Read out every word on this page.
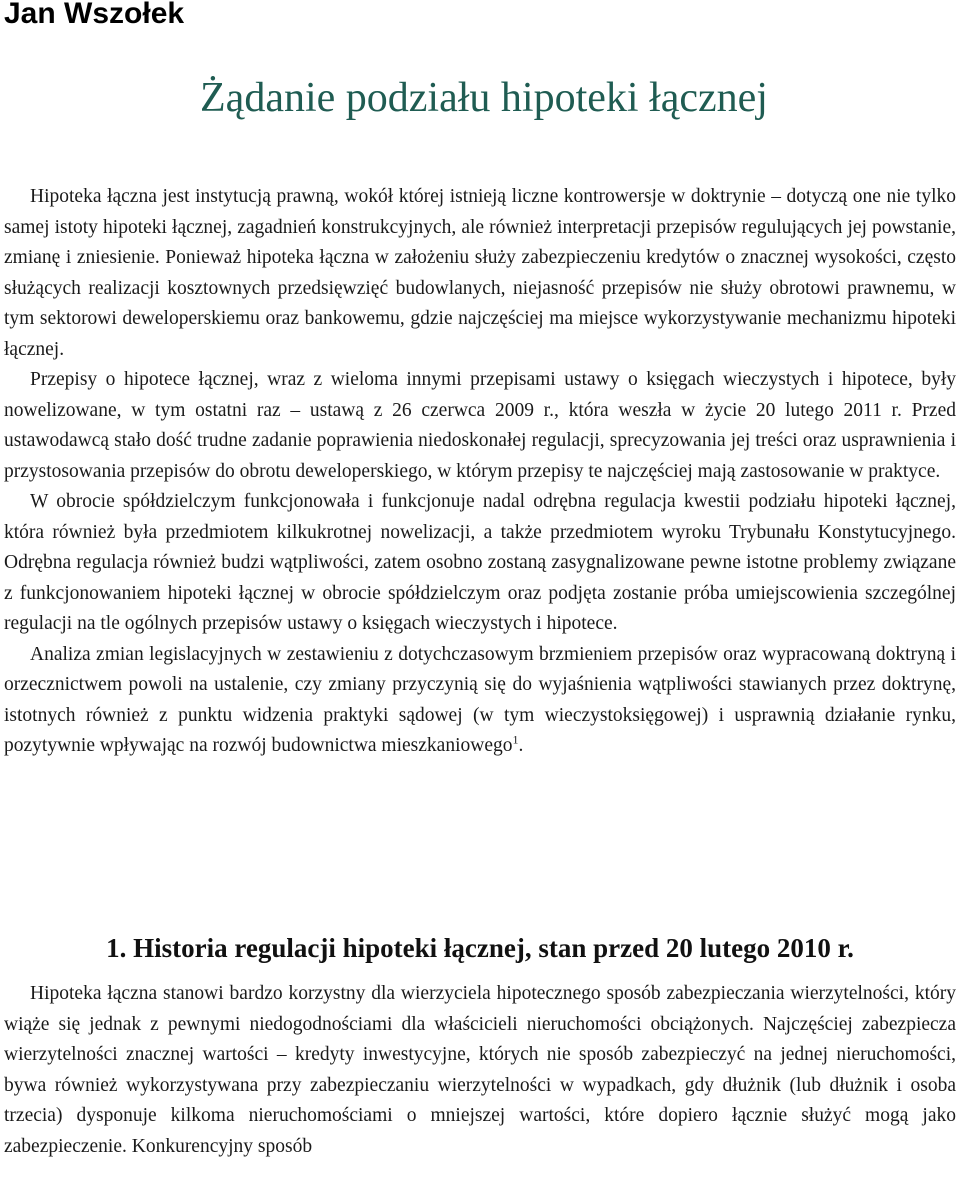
Jan Wszołek
Żądanie podziału hipoteki łącznej

Hipoteka łączna jest instytucją prawną, wokół której istnieją liczne kontrowersje w doktrynie – dotyczą one nie tylko samej istoty hipoteki łącznej, zagadnień konstrukcyjnych, ale również interpretacji przepisów regulujących jej powstanie, zmianę i zniesienie. Ponieważ hipoteka łączna w założeniu służy zabezpieczeniu kredytów o znacznej wysokości, często służących realizacji kosztownych przedsięwzięć budowlanych, niejasność przepisów nie służy obrotowi prawnemu, w tym sektorowi deweloperskiemu oraz bankowemu, gdzie najczęściej ma miejsce wykorzystywanie mechanizmu hipoteki łącznej.

Przepisy o hipotece łącznej, wraz z wieloma innymi przepisami ustawy o księgach wieczystych i hipotece, były nowelizowane, w tym ostatni raz – ustawą z 26 czerwca 2009 r., która weszła w życie 20 lutego 2011 r. Przed ustawodawcą stało dość trudne zadanie poprawienia niedoskonałej regulacji, sprecyzowania jej treści oraz usprawnienia i przystosowania przepisów do obrotu deweloperskiego, w którym przepisy te najczęściej mają zastosowanie w praktyce.

W obrocie spółdzielczym funkcjonowała i funkcjonuje nadal odrębna regulacja kwestii podziału hipoteki łącznej, która również była przedmiotem kilkukrotnej nowelizacji, a także przedmiotem wyroku Trybunału Konstytucyjnego. Odrębna regulacja również budzi wątpliwości, zatem osobno zostaną zasygnalizowane pewne istotne problemy związane z funkcjonowaniem hipoteki łącznej w obrocie spółdzielczym oraz podjęta zostanie próba umiejscowienia szczególnej regulacji na tle ogólnych przepisów ustawy o księgach wieczystych i hipotece.

Analiza zmian legislacyjnych w zestawieniu z dotychczasowym brzmieniem przepisów oraz wypracowaną doktryną i orzecznictwem powoli na ustalenie, czy zmiany przyczynią się do wyjaśnienia wątpliwości stawianych przez doktrynę, istotnych również z punktu widzenia praktyki sądowej (w tym wieczystoksięgowej) i usprawnią działanie rynku, pozytywnie wpływając na rozwój budownictwa mieszkaniowego$^1$.

1. Historia regulacji hipoteki łącznej, stan przed 20 lutego 2010 r.

Hipoteka łączna stanowi bardzo korzystny dla wierzyciela hipotecznego sposób zabezpieczania wierzytelności, który wiąże się jednak z pewnymi niedogodnościami dla właścicieli nieruchomości obciążonych. Najczęściej zabezpiecza wierzytelności znacznej wartości – kredyty inwestycyjne, których nie sposób zabezpieczyć na jednej nieruchomości, bywa również wykorzystywana przy zabezpieczaniu wierzytelności w wypadkach, gdy dłużnik (lub dłużnik i osoba trzecia) dysponuje kilkoma nieruchomościami o mniejszej wartości, które dopiero łącznie służyć mogą jako zabezpieczenie. Konkurencyjny sposób
